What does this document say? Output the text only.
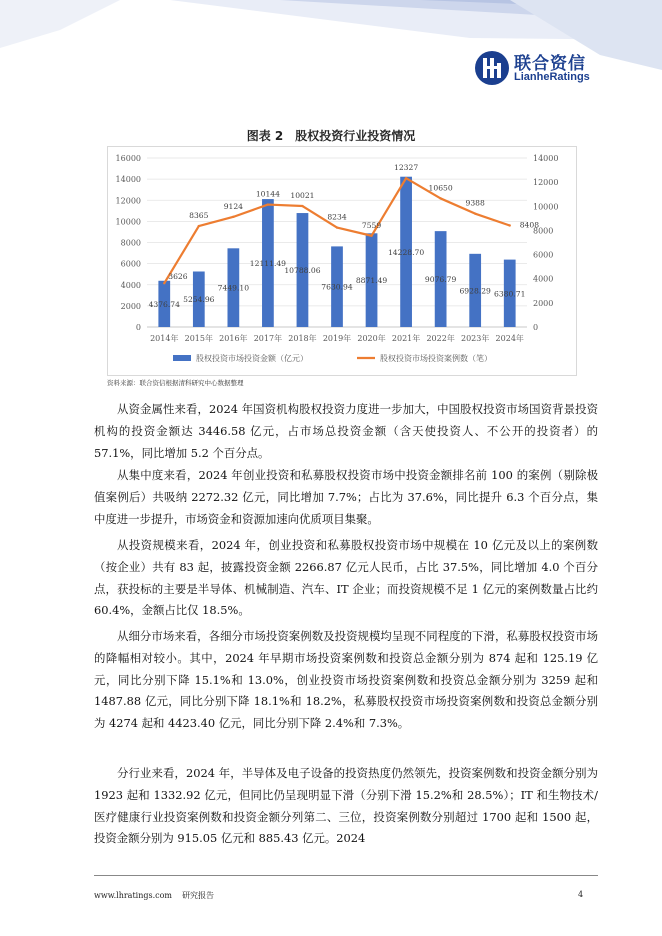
联合资信
LianheRatings
图表 2 股权投资行业投资情况
0
2000
4000
6000
8000
10000
12000
14000
16000
0
2000
4000
6000
8000
10000
12000
14000
4376.74
5254.96
7449.10
12111.49
10788.06
7630.94
8871.49
14228.70
9076.79
6928.29 6380.71
3626
8365
9124
10144 10021
8234
7559
12327
10650
9388
8408
2014年 2015年 2016年 2017年 2018年 2019年 2020年 2021年 2022年 2023年 2024年
股权投资市场投资金额（亿元）	股权投资市场投资案例数（笔）
资料来源：联合资信根据清科研究中心数据整理

从资金属性来看，2024 年国资机构股权投资力度进一步加大，中国股权投资市场国资背景投资机构的投资金额达 3446.58 亿元，占市场总投资金额（含天使投资人、不公开的投资者）的 57.1%，同比增加 5.2 个百分点。

从集中度来看，2024 年创业投资和私募股权投资市场中投资金额排名前 100 的案例（剔除极值案例后）共吸纳 2272.32 亿元，同比增加 7.7%；占比为 37.6%，同比提升 6.3 个百分点，集中度进一步提升，市场资金和资源加速向优质项目集聚。

从投资规模来看，2024 年，创业投资和私募股权投资市场中规模在 10 亿元及以上的案例数（按企业）共有 83 起，披露投资金额 2266.87 亿元人民币，占比 37.5%，同比增加 4.0 个百分点，获投标的主要是半导体、机械制造、汽车、IT 企业；而投资规模不足 1 亿元的案例数量占比约 60.4%，金额占比仅 18.5%。

从细分市场来看，各细分市场投资案例数及投资规模均呈现不同程度的下滑，私募股权投资市场的降幅相对较小。其中，2024 年早期市场投资案例数和投资总金额分别为 874 起和 125.19 亿元，同比分别下降 15.1%和 13.0%，创业投资市场投资案例数和投资总金额分别为 3259 起和 1487.88 亿元，同比分别下降 18.1%和 18.2%，私募股权投资市场投资案例数和投资总金额分别为 4274 起和 4423.40 亿元，同比分别下降 2.4%和 7.3%。

分行业来看，2024 年，半导体及电子设备的投资热度仍然领先，投资案例数和投资金额分别为 1923 起和 1332.92 亿元，但同比仍呈现明显下滑（分别下滑 15.2%和 28.5%）；IT 和生物技术/医疗健康行业投资案例数和投资金额分列第二、三位，投资案例数分别超过 1700 起和 1500 起，投资金额分别为 915.05 亿元和 885.43 亿元。2024

www.lhratings.com 研究报告	4
